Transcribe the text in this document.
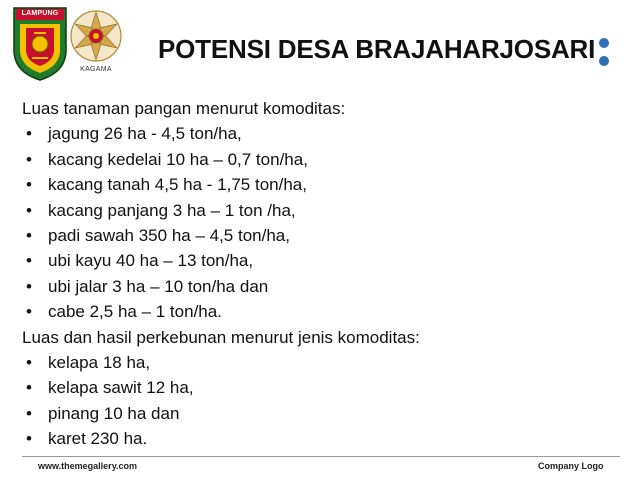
LAMPUNG
KAGAMA
POTENSI DESA BRAJAHARJOSARI
Luas tanaman pangan menurut komoditas:
• jagung 26 ha - 4,5 ton/ha,
• kacang kedelai 10 ha – 0,7 ton/ha,
• kacang tanah 4,5 ha - 1,75 ton/ha,
• kacang panjang 3 ha – 1 ton /ha,
• padi sawah 350 ha – 4,5 ton/ha,
• ubi kayu 40 ha – 13 ton/ha,
• ubi jalar 3 ha – 10 ton/ha dan
• cabe 2,5 ha – 1 ton/ha.
Luas dan hasil perkebunan menurut jenis komoditas:
• kelapa 18 ha,
• kelapa sawit 12 ha,
• pinang 10 ha dan
• karet 230 ha.
www.themegallery.com	Company Logo
